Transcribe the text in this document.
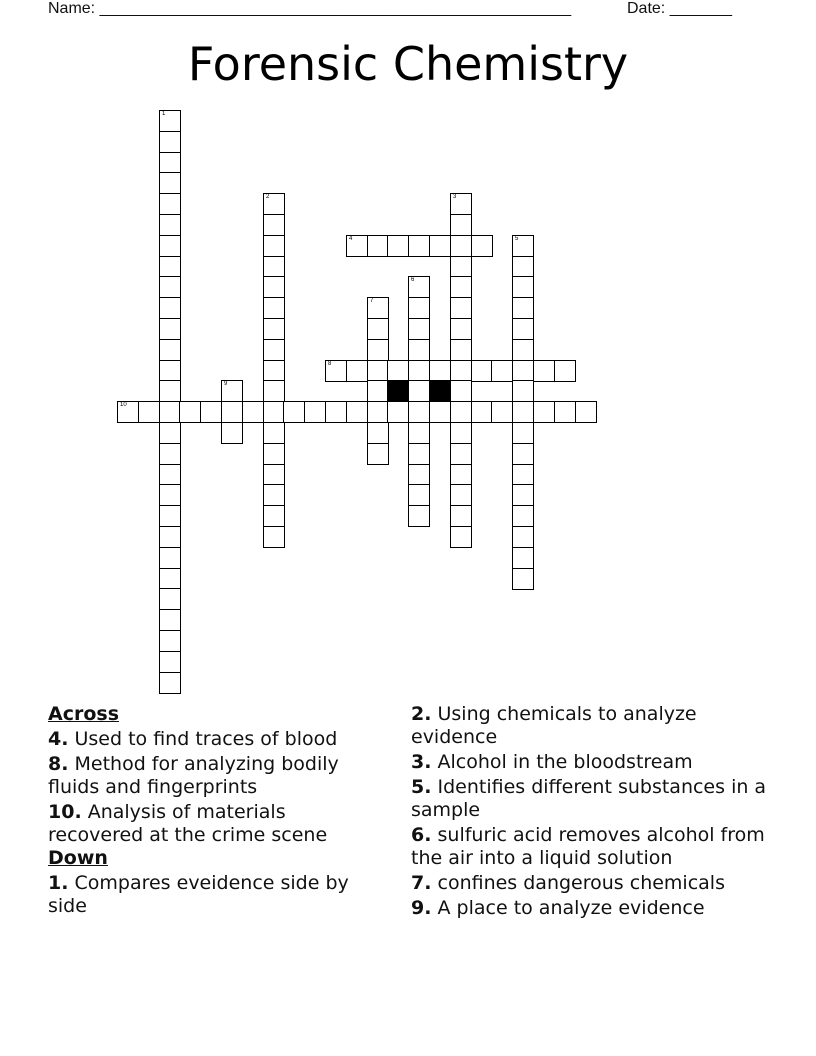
Name: _____________________________________________________	Date: _______
Forensic Chemistry
1
2	3
4	5
6
7
8
9
10
Across
4. Used to find traces of blood
8. Method for analyzing bodily fluids and fingerprints
10. Analysis of materials recovered at the crime scene
Down
1. Compares eveidence side by side
2. Using chemicals to analyze evidence
3. Alcohol in the bloodstream
5. Identifies different substances in a sample
6. sulfuric acid removes alcohol from the air into a liquid solution
7. confines dangerous chemicals
9. A place to analyze evidence
